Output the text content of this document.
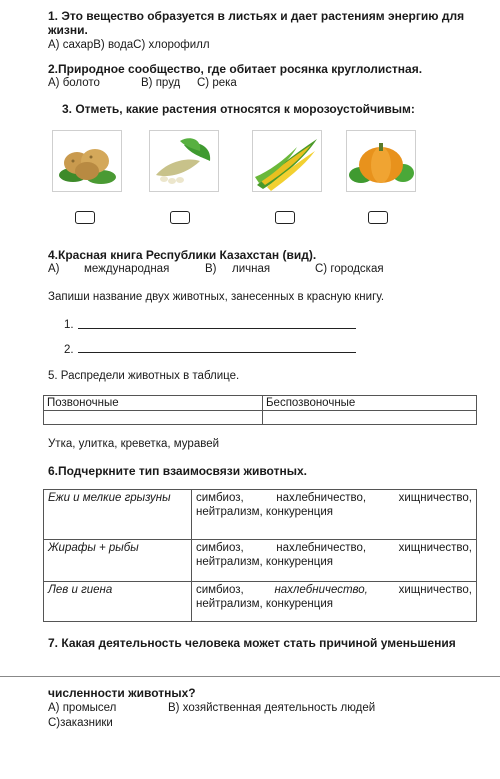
1. Это вещество образуется в листьях и дает растениям энергию для
жизни.
А) сахарВ) водаС) хлорофилл
2.Природное сообщество, где обитает росянка круглолистная.
А) болото	В) пруд С) река
3. Отметь, какие растения относятся к морозоустойчивым:
4.Красная книга Республики Казахстан (вид).
А) международная	В) личная	С) городская
Запиши название двух животных, занесенных в красную книгу.
1.
2.
5. Распредели животных в таблице.
Позвоночные	Беспозвоночные

Утка, улитка, креветка, муравей
6.Подчеркните тип взаимосвязи животных.
Ежи и мелкие грызуны	симбиоз, нахлебничество, хищничество,
нейтрализм, конкуренция

Жирафы + рыбы	симбиоз, нахлебничество, хищничество,
нейтрализм, конкуренция

Лев и гиена	симбиоз, нахлебничество, хищничество,
нейтрализм, конкуренция
7. Какая деятельность человека может стать причиной уменьшения
численности животных?
А) промысел	В) хозяйственная деятельность людей
С)заказники
